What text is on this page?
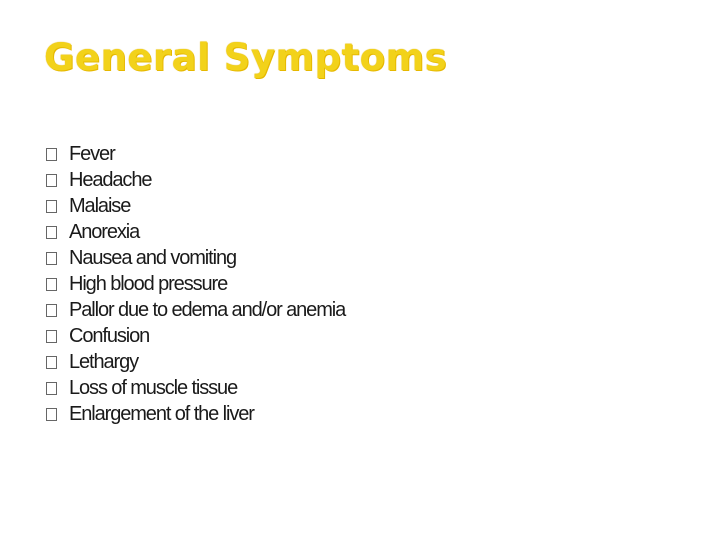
General Symptoms
Fever
Headache
Malaise
Anorexia
Nausea and vomiting
High blood pressure
Pallor due to edema and/or anemia
Confusion
Lethargy
Loss of muscle tissue
Enlargement of the liver
